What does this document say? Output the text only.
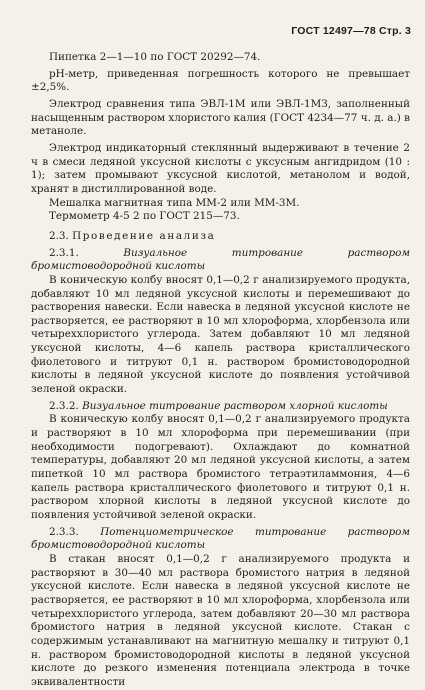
ГОСТ 12497—78 Стр. 3

Пипетка 2—1—10 по ГОСТ 20292—74.

рН-метр, приведенная погрешность которого не превышает ±2,5%.

Электрод сравнения типа ЭВЛ-1М или ЭВЛ-1МЗ, заполненный насыщенным раствором хлористого калия (ГОСТ 4234—77 ч. д. а.) в метаноле.

Электрод индикаторный стеклянный выдерживают в течение 2 ч в смеси ледяной уксусной кислоты с уксусным ангидридом (10 : 1); затем промывают уксусной кислотой, метанолом и водой, хранят в дистиллированной воде.

Мешалка магнитная типа ММ-2 или ММ-3М.

Термометр 4-5 2 по ГОСТ 215—73.

2.3. Проведение анализа

2.3.1.	Визуальное титрование раствором бромистоводородной кислоты

В коническую колбу вносят 0,1—0,2 г анализируемого продукта, добавляют 10 мл ледяной уксусной кислоты и перемешивают до растворения навески. Если навеска в ледяной уксусной кислоте не растворяется, ее растворяют в 10 мл хлороформа, хлорбензола или четыреххлористого углерода. Затем добавляют 10 мл ледяной уксусной кислоты, 4—6 капель раствора кристаллического фиолетового и титруют 0,1 н. раствором бромистоводородной кислоты в ледяной уксусной кислоте до появления устойчивой зеленой окраски.

2.3.2. Визуальное титрование раствором хлорной кислоты

В коническую колбу вносят 0,1—0,2 г анализируемого продукта и растворяют в 10 мл хлороформа при перемешивании (при необходимости подогревают). Охлаждают до комнатной температуры, добавляют 20 мл ледяной уксусной кислоты, а затем пипеткой 10 мл раствора бромистого тетраэтиламмония, 4—6 капель раствора кристаллического фиолетового и титруют 0,1 н. раствором хлорной кислоты в ледяной уксусной кислоте до появления устойчивой зеленой окраски.

2.3.3. Потенциометрическое титрование раствором бромистоводородной кислоты

В стакан вносят 0,1—0,2 г анализируемого продукта и растворяют в 30—40 мл раствора бромистого натрия в ледяной уксусной кислоте. Если навеска в ледяной уксусной кислоте не растворяется, ее растворяют в 10 мл хлороформа, хлорбензола или четыреххлористого углерода, затем добавляют 20—30 мл раствора бромистого натрия в ледяной уксусной кислоте. Стакан с содержимым устанавливают на магнитную мешалку и титруют 0,1 н. раствором бромистоводородной кислоты в ледяной уксусной кислоте до резкого изменения потенциала электрода в точке эквивалентности
